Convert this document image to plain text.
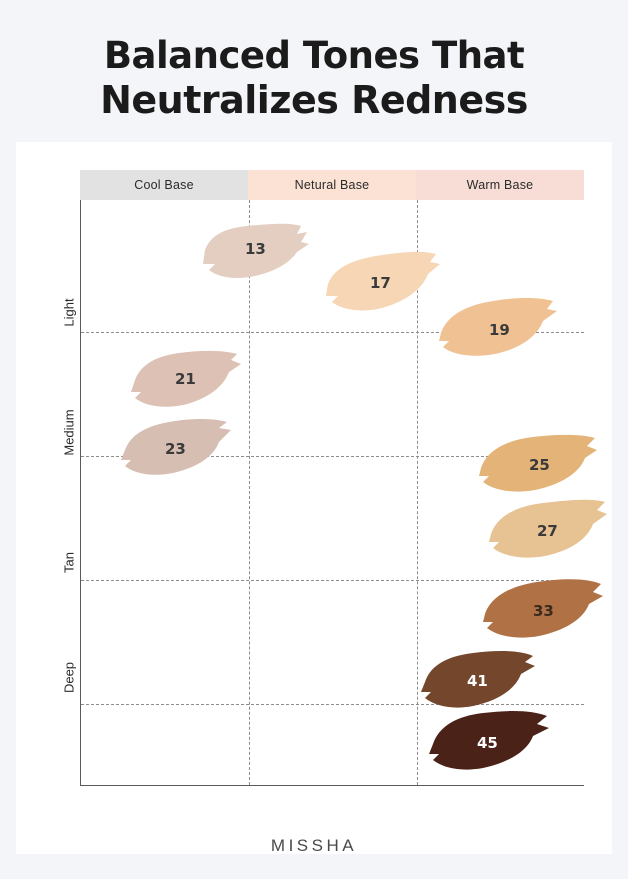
Balanced Tones That
Neutralizes Redness
Cool Base	Netural Base	Warm Base
Light
Medium
Tan
Deep
13
17
19
21
23
25
27
33
41
45
MISSHA
